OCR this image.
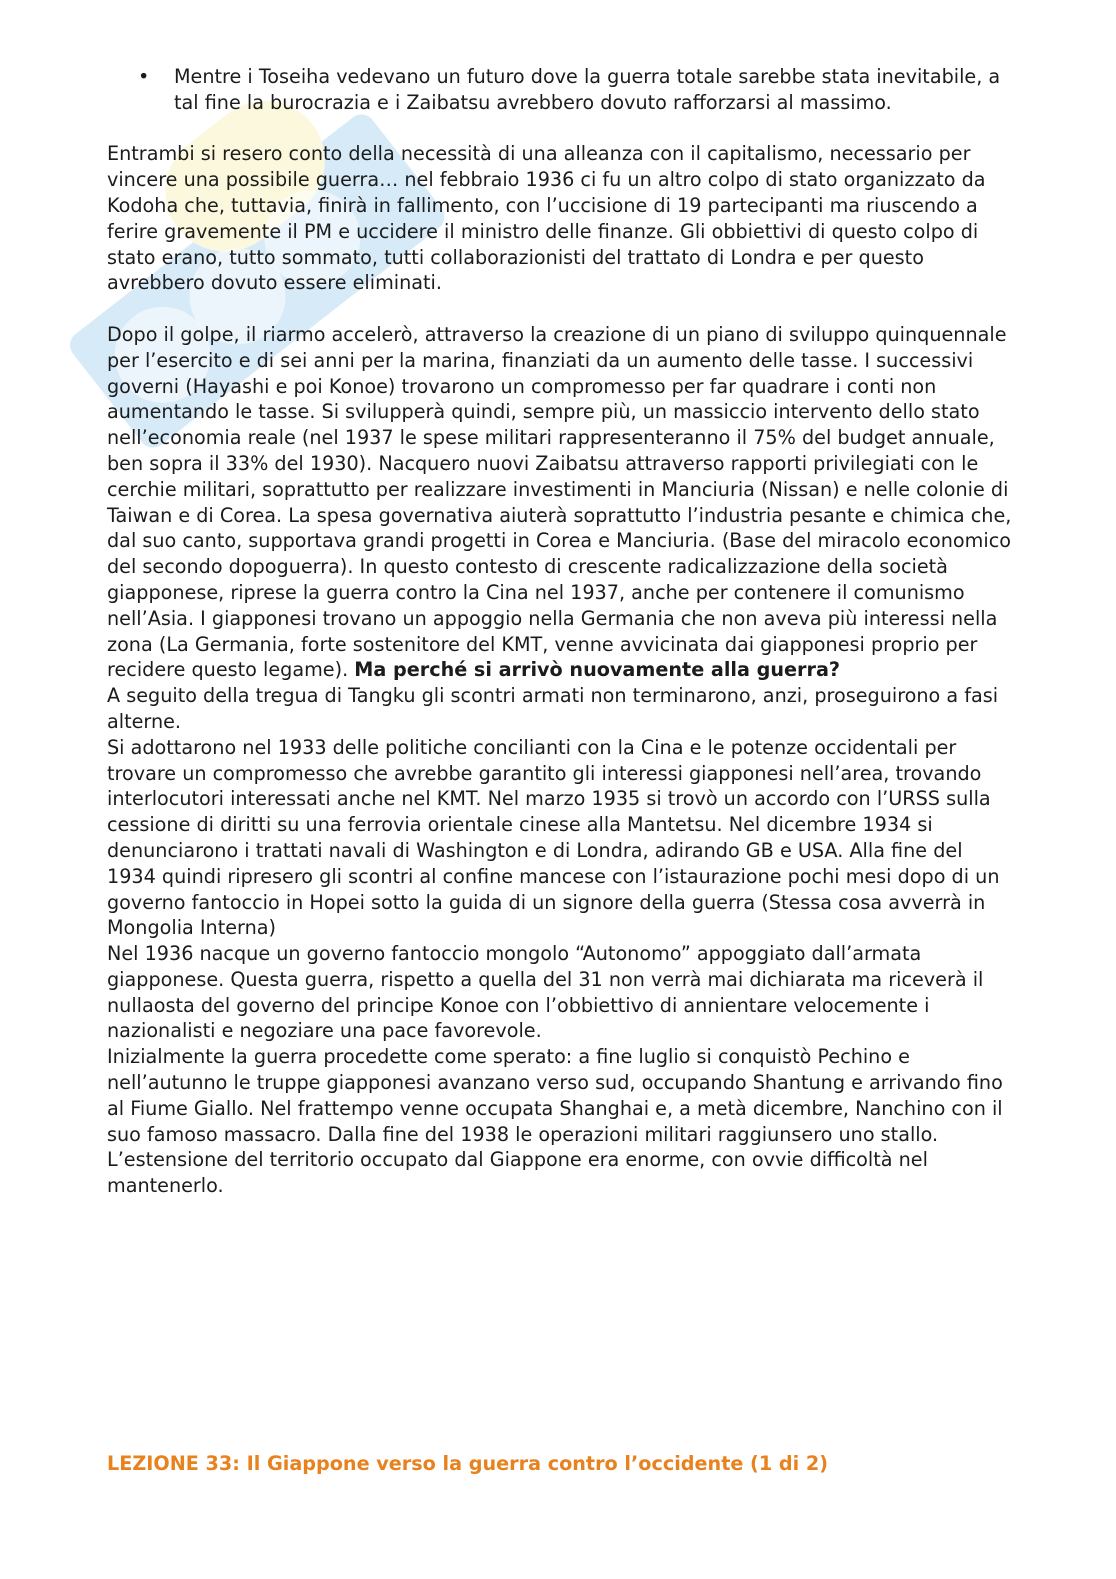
• Mentre i Toseiha vedevano un futuro dove la guerra totale sarebbe stata inevitabile, a tal fine la burocrazia e i Zaibatsu avrebbero dovuto rafforzarsi al massimo.

Entrambi si resero conto della necessità di una alleanza con il capitalismo, necessario per vincere una possibile guerra… nel febbraio 1936 ci fu un altro colpo di stato organizzato da Kodoha che, tuttavia, finirà in fallimento, con l’uccisione di 19 partecipanti ma riuscendo a ferire gravemente il PM e uccidere il ministro delle finanze. Gli obbiettivi di questo colpo di stato erano, tutto sommato, tutti collaborazionisti del trattato di Londra e per questo avrebbero dovuto essere eliminati.

Dopo il golpe, il riarmo accelerò, attraverso la creazione di un piano di sviluppo quinquennale per l’esercito e di sei anni per la marina, finanziati da un aumento delle tasse. I successivi governi (Hayashi e poi Konoe) trovarono un compromesso per far quadrare i conti non aumentando le tasse. Si svilupperà quindi, sempre più, un massiccio intervento dello stato nell’economia reale (nel 1937 le spese militari rappresenteranno il 75% del budget annuale, ben sopra il 33% del 1930). Nacquero nuovi Zaibatsu attraverso rapporti privilegiati con le cerchie militari, soprattutto per realizzare investimenti in Manciuria (Nissan) e nelle colonie di Taiwan e di Corea. La spesa governativa aiuterà soprattutto l’industria pesante e chimica che, dal suo canto, supportava grandi progetti in Corea e Manciuria. (Base del miracolo economico del secondo dopoguerra). In questo contesto di crescente radicalizzazione della società giapponese, riprese la guerra contro la Cina nel 1937, anche per contenere il comunismo nell’Asia. I giapponesi trovano un appoggio nella Germania che non aveva più interessi nella zona (La Germania, forte sostenitore del KMT, venne avvicinata dai giapponesi proprio per recidere questo legame). Ma perché si arrivò nuovamente alla guerra?

A seguito della tregua di Tangku gli scontri armati non terminarono, anzi, proseguirono a fasi alterne.

Si adottarono nel 1933 delle politiche concilianti con la Cina e le potenze occidentali per trovare un compromesso che avrebbe garantito gli interessi giapponesi nell’area, trovando interlocutori interessati anche nel KMT. Nel marzo 1935 si trovò un accordo con l’URSS sulla cessione di diritti su una ferrovia orientale cinese alla Mantetsu. Nel dicembre 1934 si denunciarono i trattati navali di Washington e di Londra, adirando GB e USA. Alla fine del 1934 quindi ripresero gli scontri al confine mancese con l’istaurazione pochi mesi dopo di un governo fantoccio in Hopei sotto la guida di un signore della guerra (Stessa cosa avverrà in Mongolia Interna)

Nel 1936 nacque un governo fantoccio mongolo “Autonomo” appoggiato dall’armata giapponese. Questa guerra, rispetto a quella del 31 non verrà mai dichiarata ma riceverà il nullaosta del governo del principe Konoe con l’obbiettivo di annientare velocemente i nazionalisti e negoziare una pace favorevole.

Inizialmente la guerra procedette come sperato: a fine luglio si conquistò Pechino e nell’autunno le truppe giapponesi avanzano verso sud, occupando Shantung e arrivando fino al Fiume Giallo. Nel frattempo venne occupata Shanghai e, a metà dicembre, Nanchino con il suo famoso massacro. Dalla fine del 1938 le operazioni militari raggiunsero uno stallo. L’estensione del territorio occupato dal Giappone era enorme, con ovvie difficoltà nel mantenerlo.

LEZIONE 33: Il Giappone verso la guerra contro l’occidente (1 di 2)
